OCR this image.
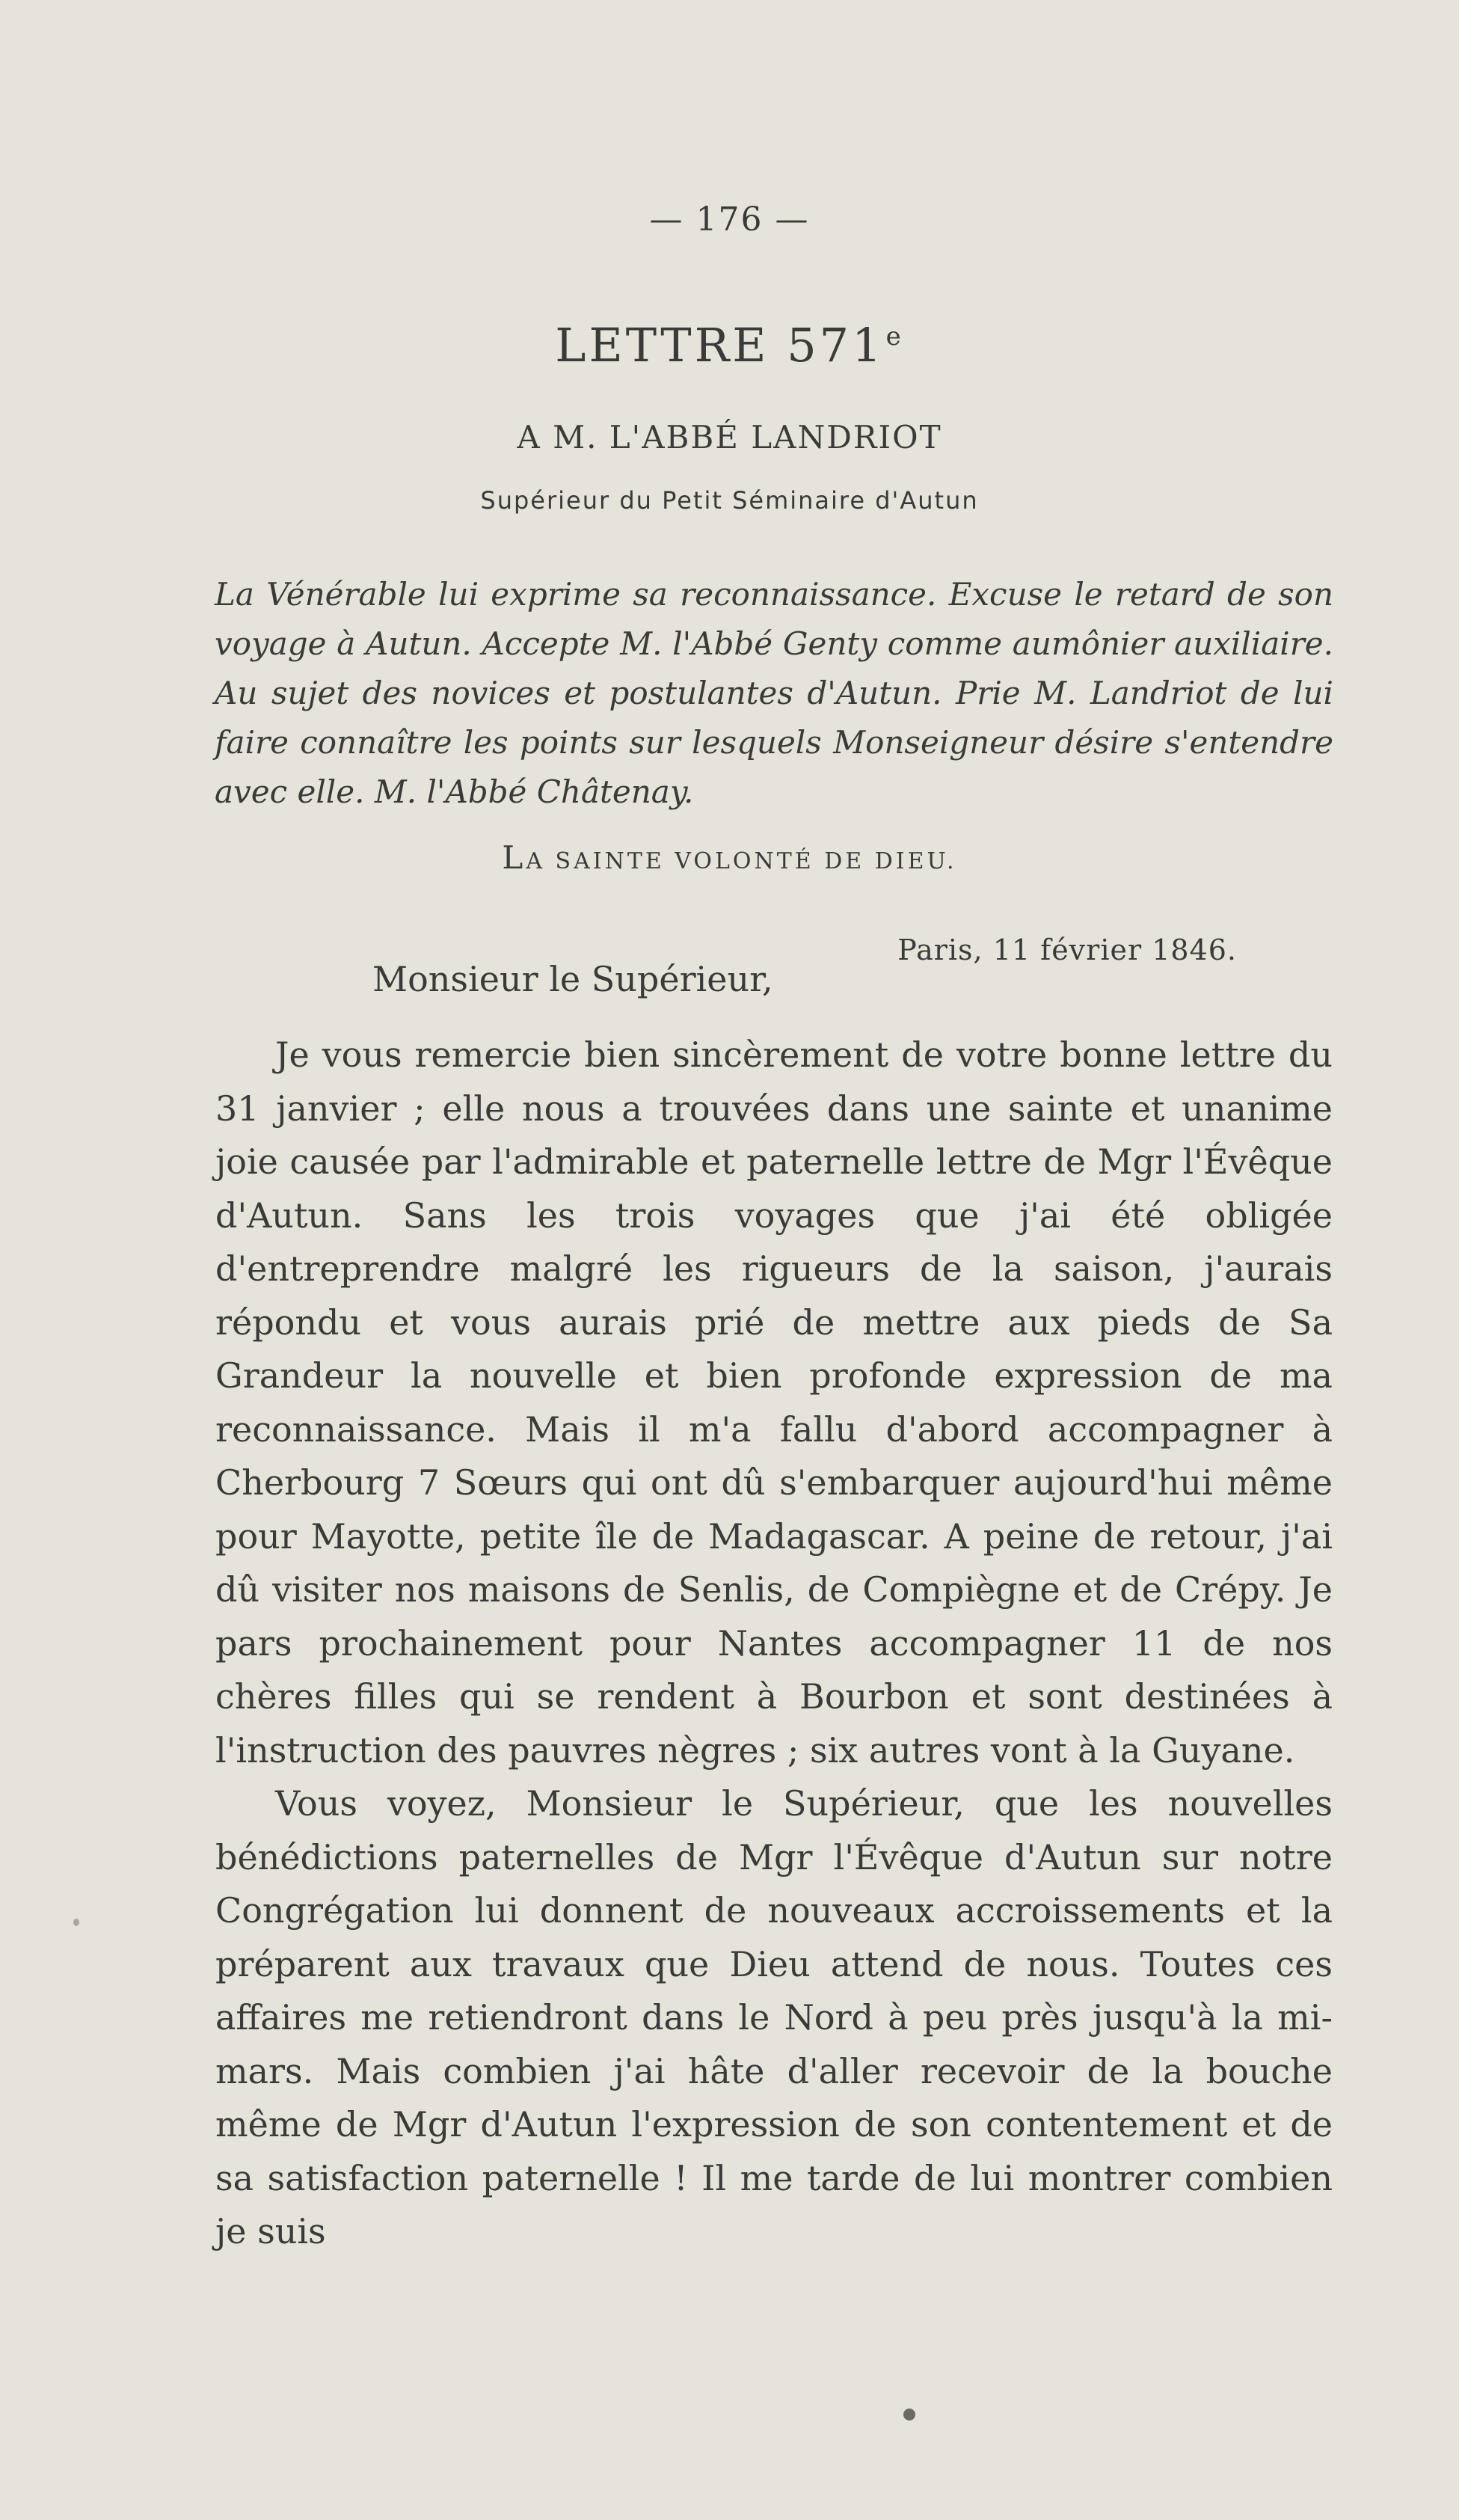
— 176 —
LETTRE 571e
A M. L'ABBÉ LANDRIOT
Supérieur du Petit Séminaire d'Autun
La Vénérable lui exprime sa reconnaissance. Excuse le retard de son voyage à Autun. Accepte M. l'Abbé Genty comme aumônier auxiliaire. Au sujet des novices et postulantes d'Autun. Prie M. Landriot de lui faire connaître les points sur lesquels Monseigneur désire s'entendre avec elle. M. l'Abbé Châtenay.
LA SAINTE VOLONTÉ DE DIEU.
Paris, 11 février 1846.
Monsieur le Supérieur,

Je vous remercie bien sincèrement de votre bonne lettre du 31 janvier ; elle nous a trouvées dans une sainte et unanime joie causée par l'admirable et paternelle lettre de Mgr l'Évêque d'Autun. Sans les trois voyages que j'ai été obligée d'entreprendre malgré les rigueurs de la saison, j'aurais répondu et vous aurais prié de mettre aux pieds de Sa Grandeur la nouvelle et bien profonde expression de ma reconnaissance. Mais il m'a fallu d'abord accompagner à Cherbourg 7 Sœurs qui ont dû s'embarquer aujourd'hui même pour Mayotte, petite île de Madagascar. A peine de retour, j'ai dû visiter nos maisons de Senlis, de Compiègne et de Crépy. Je pars prochainement pour Nantes accompagner 11 de nos chères filles qui se rendent à Bourbon et sont destinées à l'instruction des pauvres nègres ; six autres vont à la Guyane.

Vous voyez, Monsieur le Supérieur, que les nouvelles bénédictions paternelles de Mgr l'Évêque d'Autun sur notre Congrégation lui donnent de nouveaux accroissements et la préparent aux travaux que Dieu attend de nous. Toutes ces affaires me retiendront dans le Nord à peu près jusqu'à la mi-mars. Mais combien j'ai hâte d'aller recevoir de la bouche même de Mgr d'Autun l'expression de son contentement et de sa satisfaction paternelle ! Il me tarde de lui montrer combien je suis
